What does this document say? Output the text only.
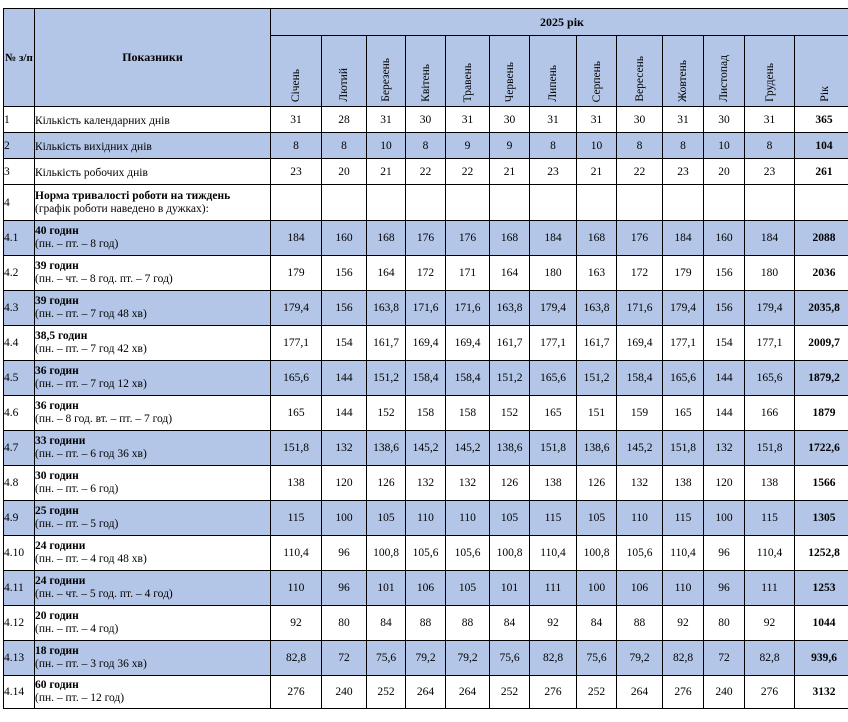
№ з/п	Показники	2025 рік												

		Січень	Лютий	Березень	Квітень	Травень	Червень	Липень	Серпень	Вересень	Жовтень	Листопад	Грудень	Рік

1	Кількість календарних днів	31	28	31	30	31	30	31	31	30	31	30	31	365
2	Кількість вихідних днів	8	8	10	8	9	9	8	10	8	8	10	8	104
3	Кількість робочих днів	23	20	21	22	22	21	23	21	22	23	20	23	261
4	Норма тривалості роботи на тиждень
(графік роботи наведено в дужках):													

4.1	40 годин
(пн. – пт. – 8 год)	184	160	168	176	176	168	184	168	176	184	160	184	2088
4.2	39 годин
(пн. – чт. – 8 год. пт. – 7 год)	179	156	164	172	171	164	180	163	172	179	156	180	2036
4.3	39 годин
(пн. – пт. – 7 год 48 хв)	179,4	156	163,8	171,6	171,6	163,8	179,4	163,8	171,6	179,4	156	179,4	2035,8
4.4	38,5 годин
(пн. – пт. – 7 год 42 хв)	177,1	154	161,7	169,4	169,4	161,7	177,1	161,7	169,4	177,1	154	177,1	2009,7
4.5	36 годин
(пн. – пт. – 7 год 12 хв)	165,6	144	151,2	158,4	158,4	151,2	165,6	151,2	158,4	165,6	144	165,6	1879,2
4.6	36 годин
(пн. – 8 год. вт. – пт. – 7 год)	165	144	152	158	158	152	165	151	159	165	144	166	1879
4.7	33 години
(пн. – пт. – 6 год 36 хв)	151,8	132	138,6	145,2	145,2	138,6	151,8	138,6	145,2	151,8	132	151,8	1722,6
4.8	30 годин
(пн. – пт. – 6 год)	138	120	126	132	132	126	138	126	132	138	120	138	1566
4.9	25 годин
(пн. – пт. – 5 год)	115	100	105	110	110	105	115	105	110	115	100	115	1305
4.10	24 години
(пн. – пт. – 4 год 48 хв)	110,4	96	100,8	105,6	105,6	100,8	110,4	100,8	105,6	110,4	96	110,4	1252,8
4.11	24 години
(пн. – чт. – 5 год. пт. – 4 год)	110	96	101	106	105	101	111	100	106	110	96	111	1253
4.12	20 годин
(пн. – пт. – 4 год)	92	80	84	88	88	84	92	84	88	92	80	92	1044
4.13	18 годин
(пн. – пт. – 3 год 36 хв)	82,8	72	75,6	79,2	79,2	75,6	82,8	75,6	79,2	82,8	72	82,8	939,6
4.14	60 годин
(пн. – пт. – 12 год)	276	240	252	264	264	252	276	252	264	276	240	276	3132
